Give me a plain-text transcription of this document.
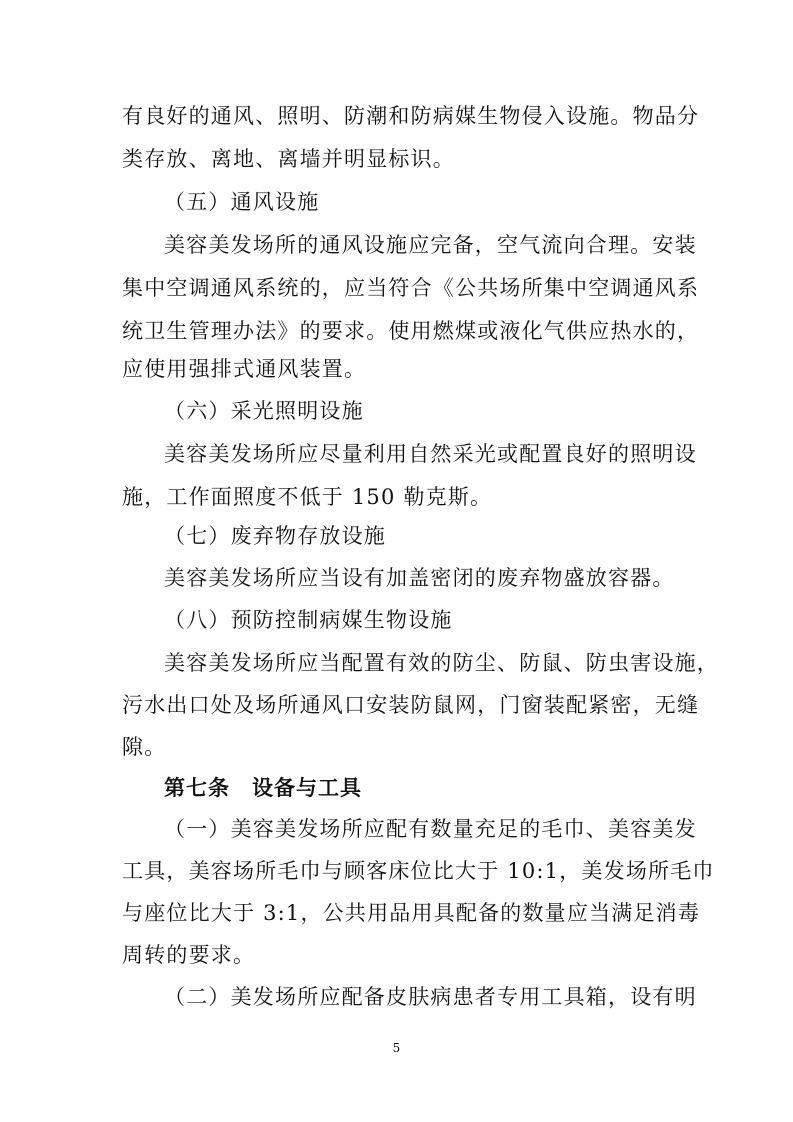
有良好的通风、照明、防潮和防病媒生物侵入设施。物品分
类存放、离地、离墙并明显标识。
（五）通风设施
美容美发场所的通风设施应完备，空气流向合理。安装
集中空调通风系统的，应当符合《公共场所集中空调通风系
统卫生管理办法》的要求。使用燃煤或液化气供应热水的，
应使用强排式通风装置。
（六）采光照明设施
美容美发场所应尽量利用自然采光或配置良好的照明设
施，工作面照度不低于 150 勒克斯。
（七）废弃物存放设施
美容美发场所应当设有加盖密闭的废弃物盛放容器。
（八）预防控制病媒生物设施
美容美发场所应当配置有效的防尘、防鼠、防虫害设施，
污水出口处及场所通风口安装防鼠网，门窗装配紧密，无缝
隙。
第七条　设备与工具
（一）美容美发场所应配有数量充足的毛巾、美容美发
工具，美容场所毛巾与顾客床位比大于 10:1，美发场所毛巾
与座位比大于 3:1，公共用品用具配备的数量应当满足消毒
周转的要求。
（二）美发场所应配备皮肤病患者专用工具箱，设有明
5
